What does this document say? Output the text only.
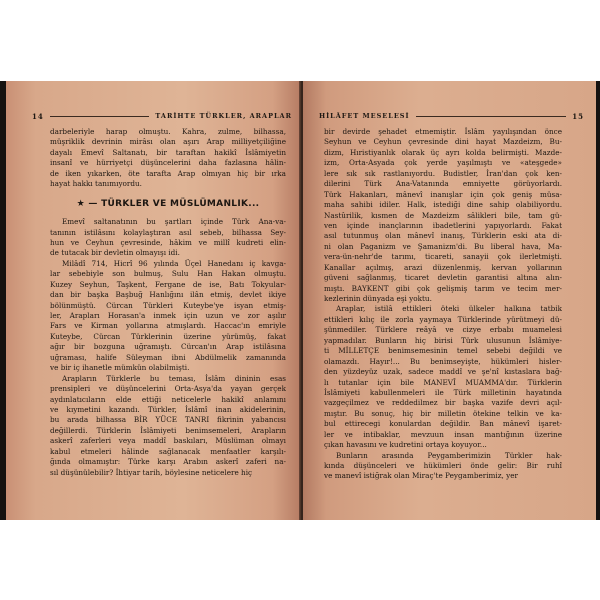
14	TARİHTE TÜRKLER, ARAPLAR
darbeleriyle harap olmuştu. Kahra, zulme, bilhassa,
müşriklik devrinin mirâsı olan aşırı Arap milliyetçiliğine
dayalı Emevî Saltanatı, bir taraftan hakikî İslâmiyetin
insanî ve hürriyetçi düşüncelerini daha fazlasına hâlin-
de iken yıkarken, öte tarafta Arap olmıyan hiç bir ırka
hayat hakkı tanımıyordu.
★ — TÜRKLER VE MÜSLÜMANLIK...
Emevî saltanatının bu şartları içinde Türk Ana-va-
tanının istilâsını kolaylaştıran asıl sebeb, bilhassa Sey-
hun ve Ceyhun çevresinde, hâkim ve millî kudreti elin-
de tutacak bir devletin olmayışı idi.
Milâdî 714, Hicrî 96 yılında Üçel Hanedanı iç kavga-
lar sebebiyle son bulmuş, Sulu Han Hakan olmuştu.
Kuzey Seyhun, Taşkent, Fergane de ise, Batı Tokyular-
dan bir başka Başbuğ Hanlığını ilân etmiş, devlet ikiye
bölünmüştü. Cürcan Türkleri Kuteybe'ye isyan etmiş-
ler, Arapları Horasan'a inmek için uzun ve zor aşılır
Fars ve Kirman yollarına atmışlardı. Haccac'ın emriyle
Kuteybe, Cürcan Türklerinin üzerine yürümüş, fakat
ağır bir bozguna uğramıştı. Cürcan'ın Arap istilâsına
uğraması, halife Süleyman ibni Abdülmelik zamanında
ve bir iç ihanetle mümkün olabilmişti.
Arapların Türklerle bu teması, İslâm dininin esas
prensipleri ve düşüncelerini Orta-Asya'da yayan gerçek
aydınlatıcıların elde ettiği neticelerle hakikî anlamını
ve kıymetini kazandı. Türkler, İslâmî inan akidelerinin,
bu arada bilhassa BİR YÜCE TANRI fikrinin yabancısı
değillerdi. Türklerin İslâmiyeti benimsemeleri, Arapların
askerî zaferleri veya maddî baskıları, Müslüman olmayı
kabul etmeleri hâlinde sağlanacak menfaatler karşılı-
ğında olmamıştır: Türke karşı Arabın askerî zaferi na-
sıl düşünülebilir? İhtiyar tarih, böylesine neticelere hiç
HİLÂFET MESELESİ	15
bir devirde şehadet etmemiştir. İslâm yayılışından önce
Seyhun ve Ceyhun çevresinde dini hayat Mazdeizm, Bu-
dizm, Hıristiyanlık olarak üç ayrı kolda belirmişti. Mazde-
izm, Orta-Asyada çok yerde yaşılmıştı ve «ateşgede»
lere sık sık rastlanıyordu. Budistler, İran'dan çok ken-
dilerini Türk Ana-Vatanında emniyette görüyorlardı.
Türk Hakanları, mânevî inanışlar için çok geniş müsa-
maha sahibi idiler. Halk, istediği dine sahip olabiliyordu.
Nastûrilik, kısmen de Mazdeizm sâlikleri bile, tam gü-
ven içinde inançlarının ibadetlerini yapıyorlardı. Fakat
asıl tutunmuş olan mânevî inanış, Türklerin eski ata di-
ni olan Paganizm ve Şamanizm'di. Bu liberal hava, Ma-
vera-ün-nehr'de tarımı, ticareti, sanayii çok ilerletmişti.
Kanallar açılmış, arazi düzenlenmiş, kervan yollarının
güveni sağlanmış, ticaret devletin garantisi altına alın-
mıştı. BAYKENT gibi çok gelişmiş tarım ve tecim mer-
kezlerinin dünyada eşi yoktu.
Araplar, istilâ ettikleri öteki ülkeler halkına tatbik
ettikleri kılıç ile zorla yaymaya Türklerinde yürütmeyi dü-
şünmediler. Türklere reâyâ ve cizye erbabı muamelesi
yapmadılar. Bunların hiç birisi Türk ulusunun İslâmiye-
ti MİLLETÇE benimsemesinin temel sebebi değildi ve
olamazdı. Hayır!... Bu benimseyişte, hükümleri hisler-
den yüzdeyüz uzak, sadece maddî ve şe'nî kıstaslara bağ-
lı tutanlar için bile MANEVÎ MUAMMA'dır. Türklerin
İslâmiyeti kabullenmeleri ile Türk milletinin hayatında
vazgeçilmez ve reddedilmez bir başka vazife devri açıl-
mıştır. Bu sonuç, hiç bir milletin ötekine telkin ve ka-
bul ettirecegi konulardan değildir. Ban mânevî işaret-
ler ve intibaklar, mevzuun insan mantığının üzerine
çıkan havasını ve kudretini ortaya koyuyor...
Bunların arasında Peygamberimizin Türkler hak-
kında düşünceleri ve hükümleri önde gelir: Bir ruhî
ve manevî istiğrak olan Miraç'te Peygamberimiz, yer
